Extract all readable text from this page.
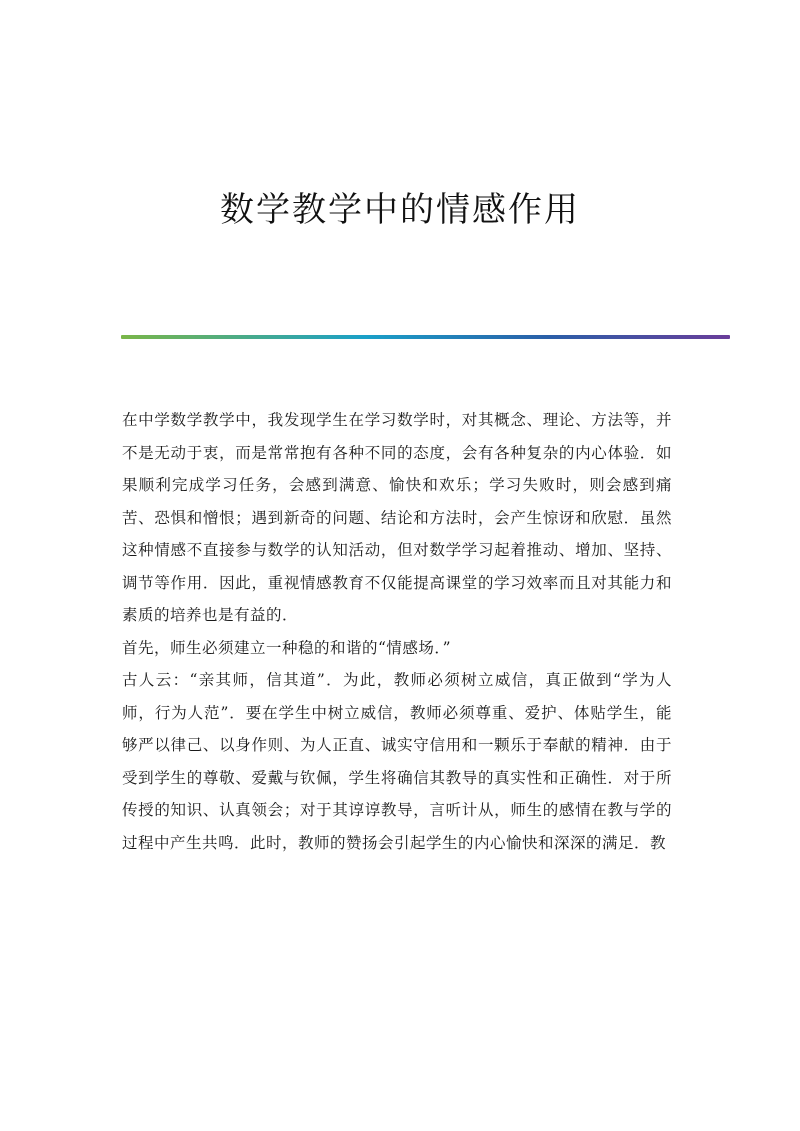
数学教学中的情感作用

在中学数学教学中，我发现学生在学习数学时，对其概念、理论、方法等，并不是无动于衷，而是常常抱有各种不同的态度，会有各种复杂的内心体验．如果顺利完成学习任务，会感到满意、愉快和欢乐；学习失败时，则会感到痛苦、恐惧和憎恨；遇到新奇的问题、结论和方法时，会产生惊讶和欣慰．虽然这种情感不直接参与数学的认知活动，但对数学学习起着推动、增加、坚持、调节等作用．因此，重视情感教育不仅能提高课堂的学习效率而且对其能力和素质的培养也是有益的．

首先，师生必须建立一种稳的和谐的“情感场．”

古人云：“亲其师，信其道”．为此，教师必须树立威信，真正做到“学为人师，行为人范”．要在学生中树立威信，教师必须尊重、爱护、体贴学生，能够严以律己、以身作则、为人正直、诚实守信用和一颗乐于奉献的精神．由于受到学生的尊敬、爱戴与钦佩，学生将确信其教导的真实性和正确性．对于所传授的知识、认真领会；对于其谆谆教导，言听计从，师生的感情在教与学的过程中产生共鸣．此时，教师的赞扬会引起学生的内心愉快和深深的满足．教
